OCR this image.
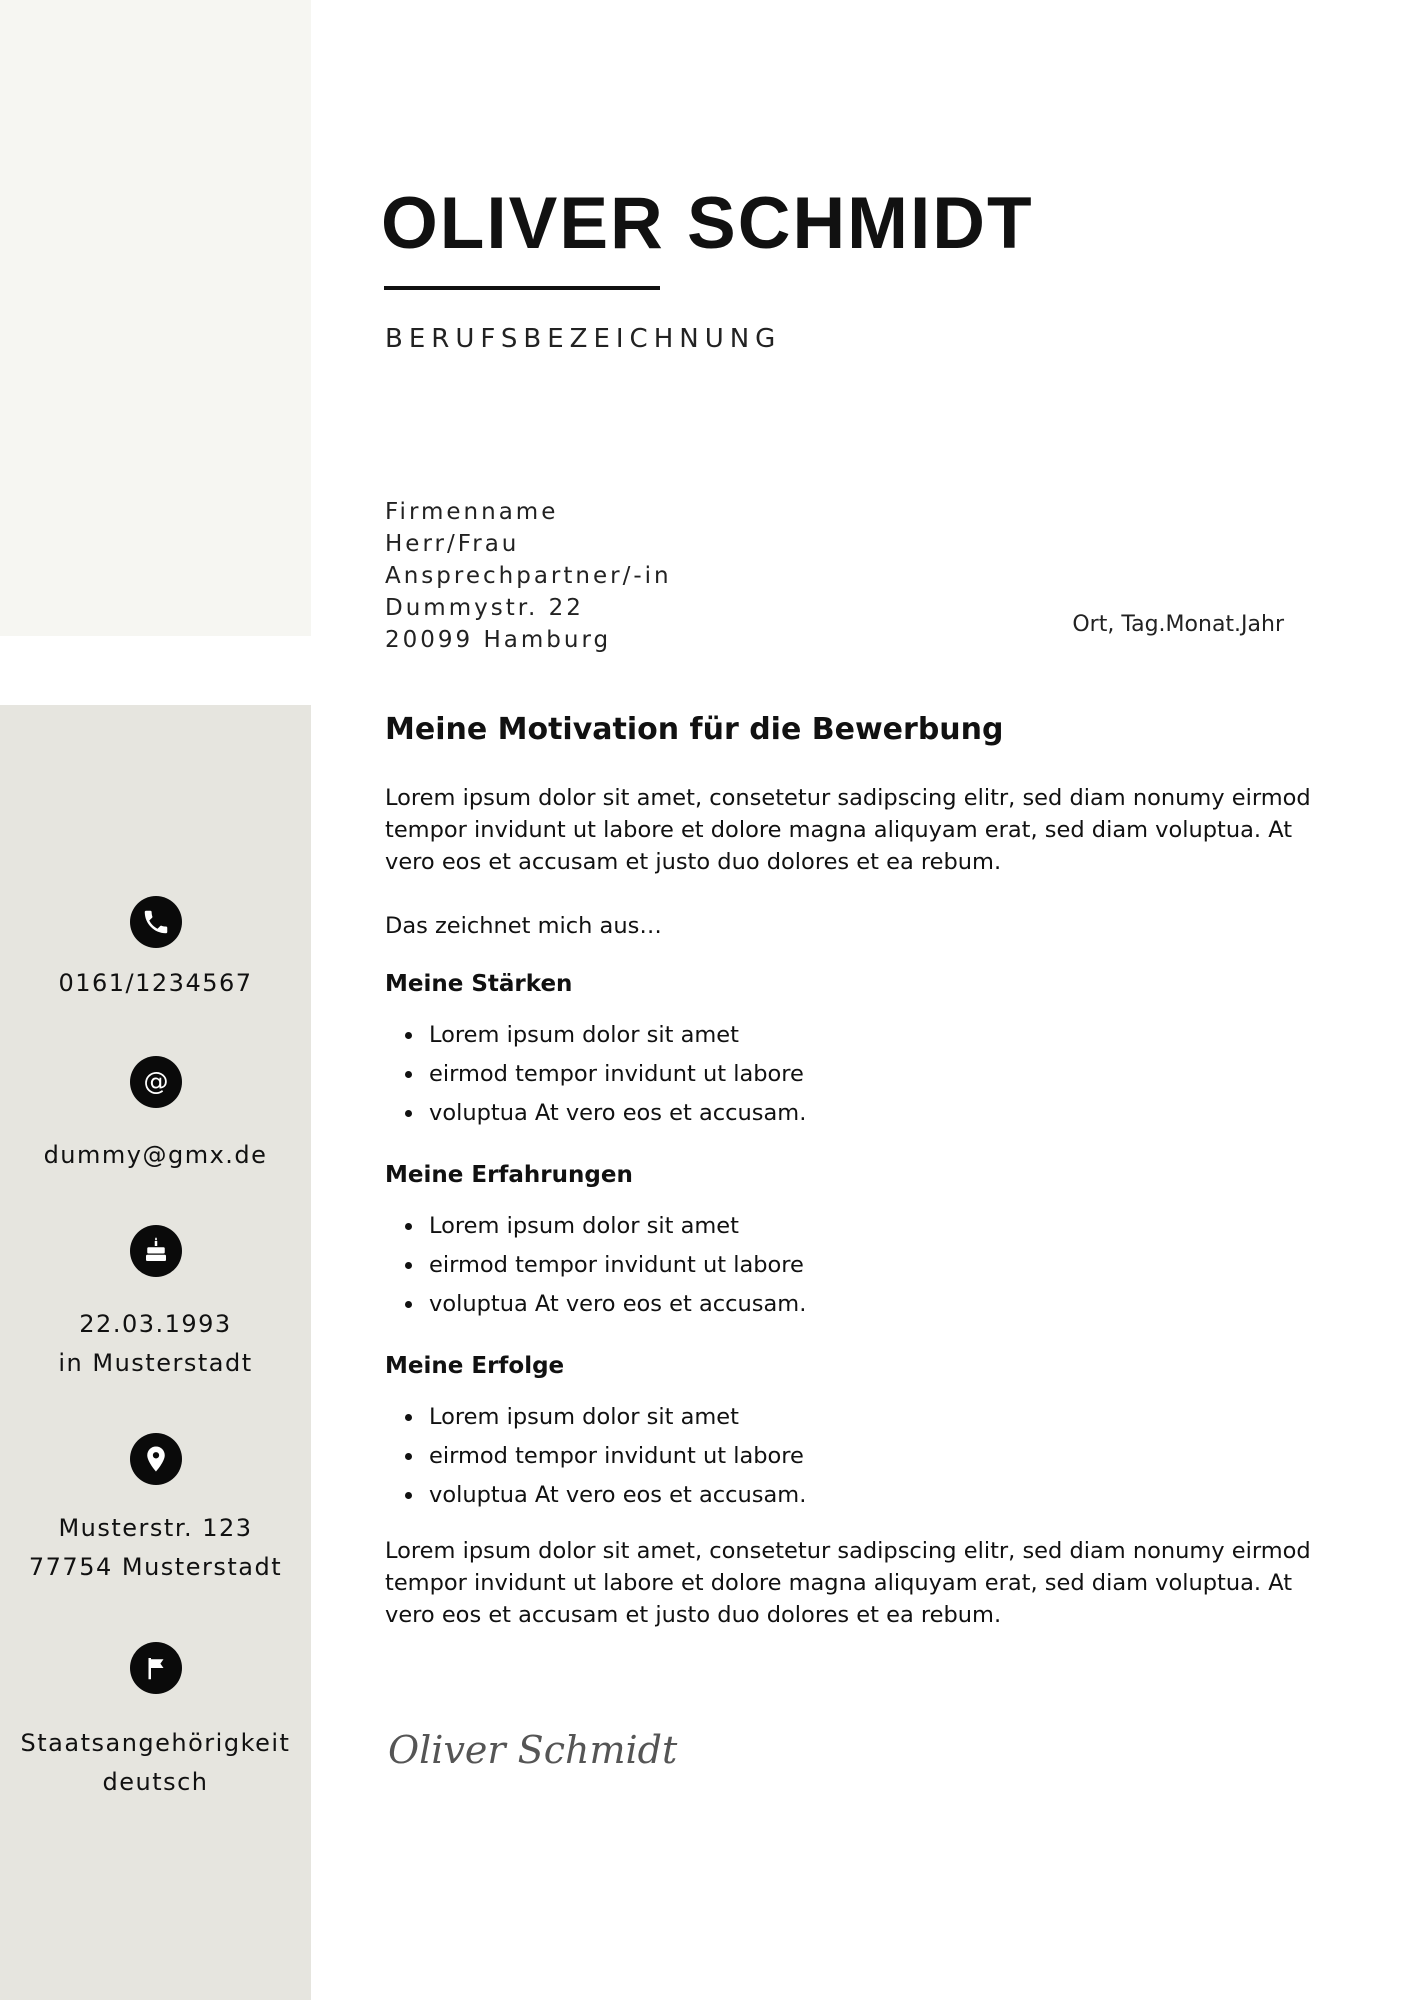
OLIVER SCHMIDT
BERUFSBEZEICHNUNG
Firmenname
Herr/Frau
Ansprechpartner/-in
Dummystr. 22
20099 Hamburg
Ort, Tag.Monat.Jahr
Meine Motivation für die Bewerbung

Lorem ipsum dolor sit amet, consetetur sadipscing elitr, sed diam nonumy eirmod tempor invidunt ut labore et dolore magna aliquyam erat, sed diam voluptua. At vero eos et accusam et justo duo dolores et ea rebum.

Das zeichnet mich aus…

Meine Stärken
• Lorem ipsum dolor sit amet
• eirmod tempor invidunt ut labore
• voluptua At vero eos et accusam.
Meine Erfahrungen
• Lorem ipsum dolor sit amet
• eirmod tempor invidunt ut labore
• voluptua At vero eos et accusam.
Meine Erfolge
• Lorem ipsum dolor sit amet
• eirmod tempor invidunt ut labore
• voluptua At vero eos et accusam.

Lorem ipsum dolor sit amet, consetetur sadipscing elitr, sed diam nonumy eirmod tempor invidunt ut labore et dolore magna aliquyam erat, sed diam voluptua. At vero eos et accusam et justo duo dolores et ea rebum.

Oliver Schmidt
0161/1234567
@
dummy@gmx.de
22.03.1993
in Musterstadt
Musterstr. 123
77754 Musterstadt
Staatsangehörigkeit
deutsch
